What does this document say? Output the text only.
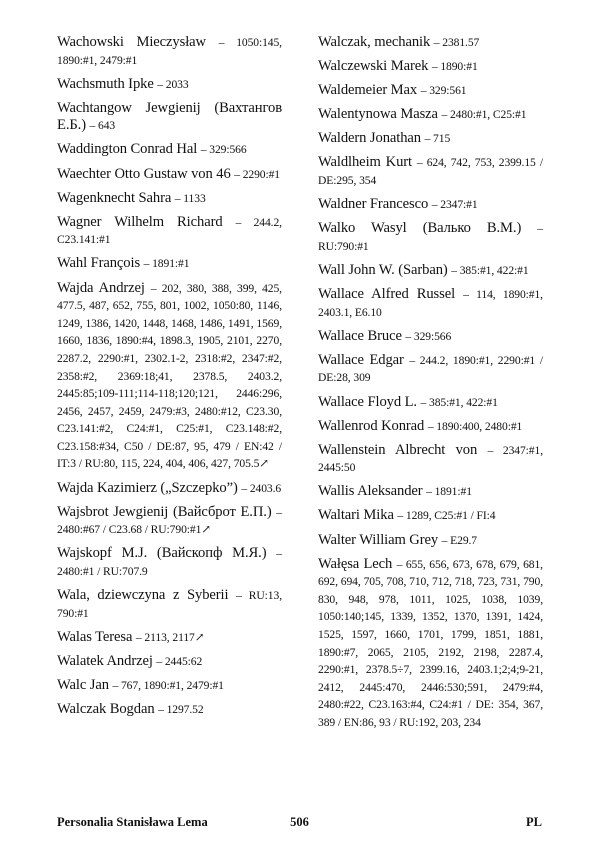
Wachowski Mieczysław – 1050:145, 1890:#1, 2479:#1

Wachsmuth Ipke – 2033

Wachtangow Jewgienij (Вахтангов Е.Б.) – 643

Waddington Conrad Hal – 329:566

Waechter Otto Gustaw von 46 – 2290:#1

Wagenknecht Sahra – 1133

Wagner Wilhelm Richard – 244.2, C23.141:#1

Wahl François – 1891:#1

Wajda Andrzej – 202, 380, 388, 399, 425, 477.5, 487, 652, 755, 801, 1002, 1050:80, 1146, 1249, 1386, 1420, 1448, 1468, 1486, 1491, 1569, 1660, 1836, 1890:#4, 1898.3, 1905, 2101, 2270, 2287.2, 2290:#1, 2302.1-2, 2318:#2, 2347:#2, 2358:#2, 2369:18;41, 2378.5, 2403.2, 2445:85;109-111;114-118;120;121, 2446:296, 2456, 2457, 2459, 2479:#3, 2480:#12, C23.30, C23.141:#2, C24:#1, C25:#1, C23.148:#2, C23.158:#34, C50 / DE:87, 95, 479 / EN:42 / IT:3 / RU:80, 115, 224, 404, 406, 427, 705.5↗

Wajda Kazimierz („Szczepko”) – 2403.6

Wajsbrot Jewgienij (Вайсброт Е.П.) – 2480:#67 / C23.68 / RU:790:#1↗

Wajskopf M.J. (Вайскопф М.Я.) – 2480:#1 / RU:707.9

Wala, dziewczyna z Syberii – RU:13, 790:#1

Walas Teresa – 2113, 2117↗

Walatek Andrzej – 2445:62

Walc Jan – 767, 1890:#1, 2479:#1

Walczak Bogdan – 1297.52

Walczak, mechanik – 2381.57

Walczewski Marek – 1890:#1

Waldemeier Max – 329:561

Walentynowa Masza – 2480:#1, C25:#1

Waldern Jonathan – 715

Waldlheim Kurt – 624, 742, 753, 2399.15 / DE:295, 354

Waldner Francesco – 2347:#1

Walko Wasyl (Валько В.М.) – RU:790:#1

Wall John W. (Sarban) – 385:#1, 422:#1

Wallace Alfred Russel – 114, 1890:#1, 2403.1, E6.10

Wallace Bruce – 329:566

Wallace Edgar – 244.2, 1890:#1, 2290:#1 / DE:28, 309

Wallace Floyd L. – 385:#1, 422:#1

Wallenrod Konrad – 1890:400, 2480:#1

Wallenstein Albrecht von – 2347:#1, 2445:50

Wallis Aleksander – 1891:#1

Waltari Mika – 1289, C25:#1 / FI:4

Walter William Grey – E29.7

Wałęsa Lech – 655, 656, 673, 678, 679, 681, 692, 694, 705, 708, 710, 712, 718, 723, 731, 790, 830, 948, 978, 1011, 1025, 1038, 1039, 1050:140;145, 1339, 1352, 1370, 1391, 1424, 1525, 1597, 1660, 1701, 1799, 1851, 1881, 1890:#7, 2065, 2105, 2192, 2198, 2287.4, 2290:#1, 2378.5÷7, 2399.16, 2403.1;2;4;9-21, 2412, 2445:470, 2446:530;591, 2479:#4, 2480:#22, C23.163:#4, C24:#1 / DE: 354, 367, 389 / EN:86, 93 / RU:192, 203, 234

Personalia Stanisława Lema	506	PL
